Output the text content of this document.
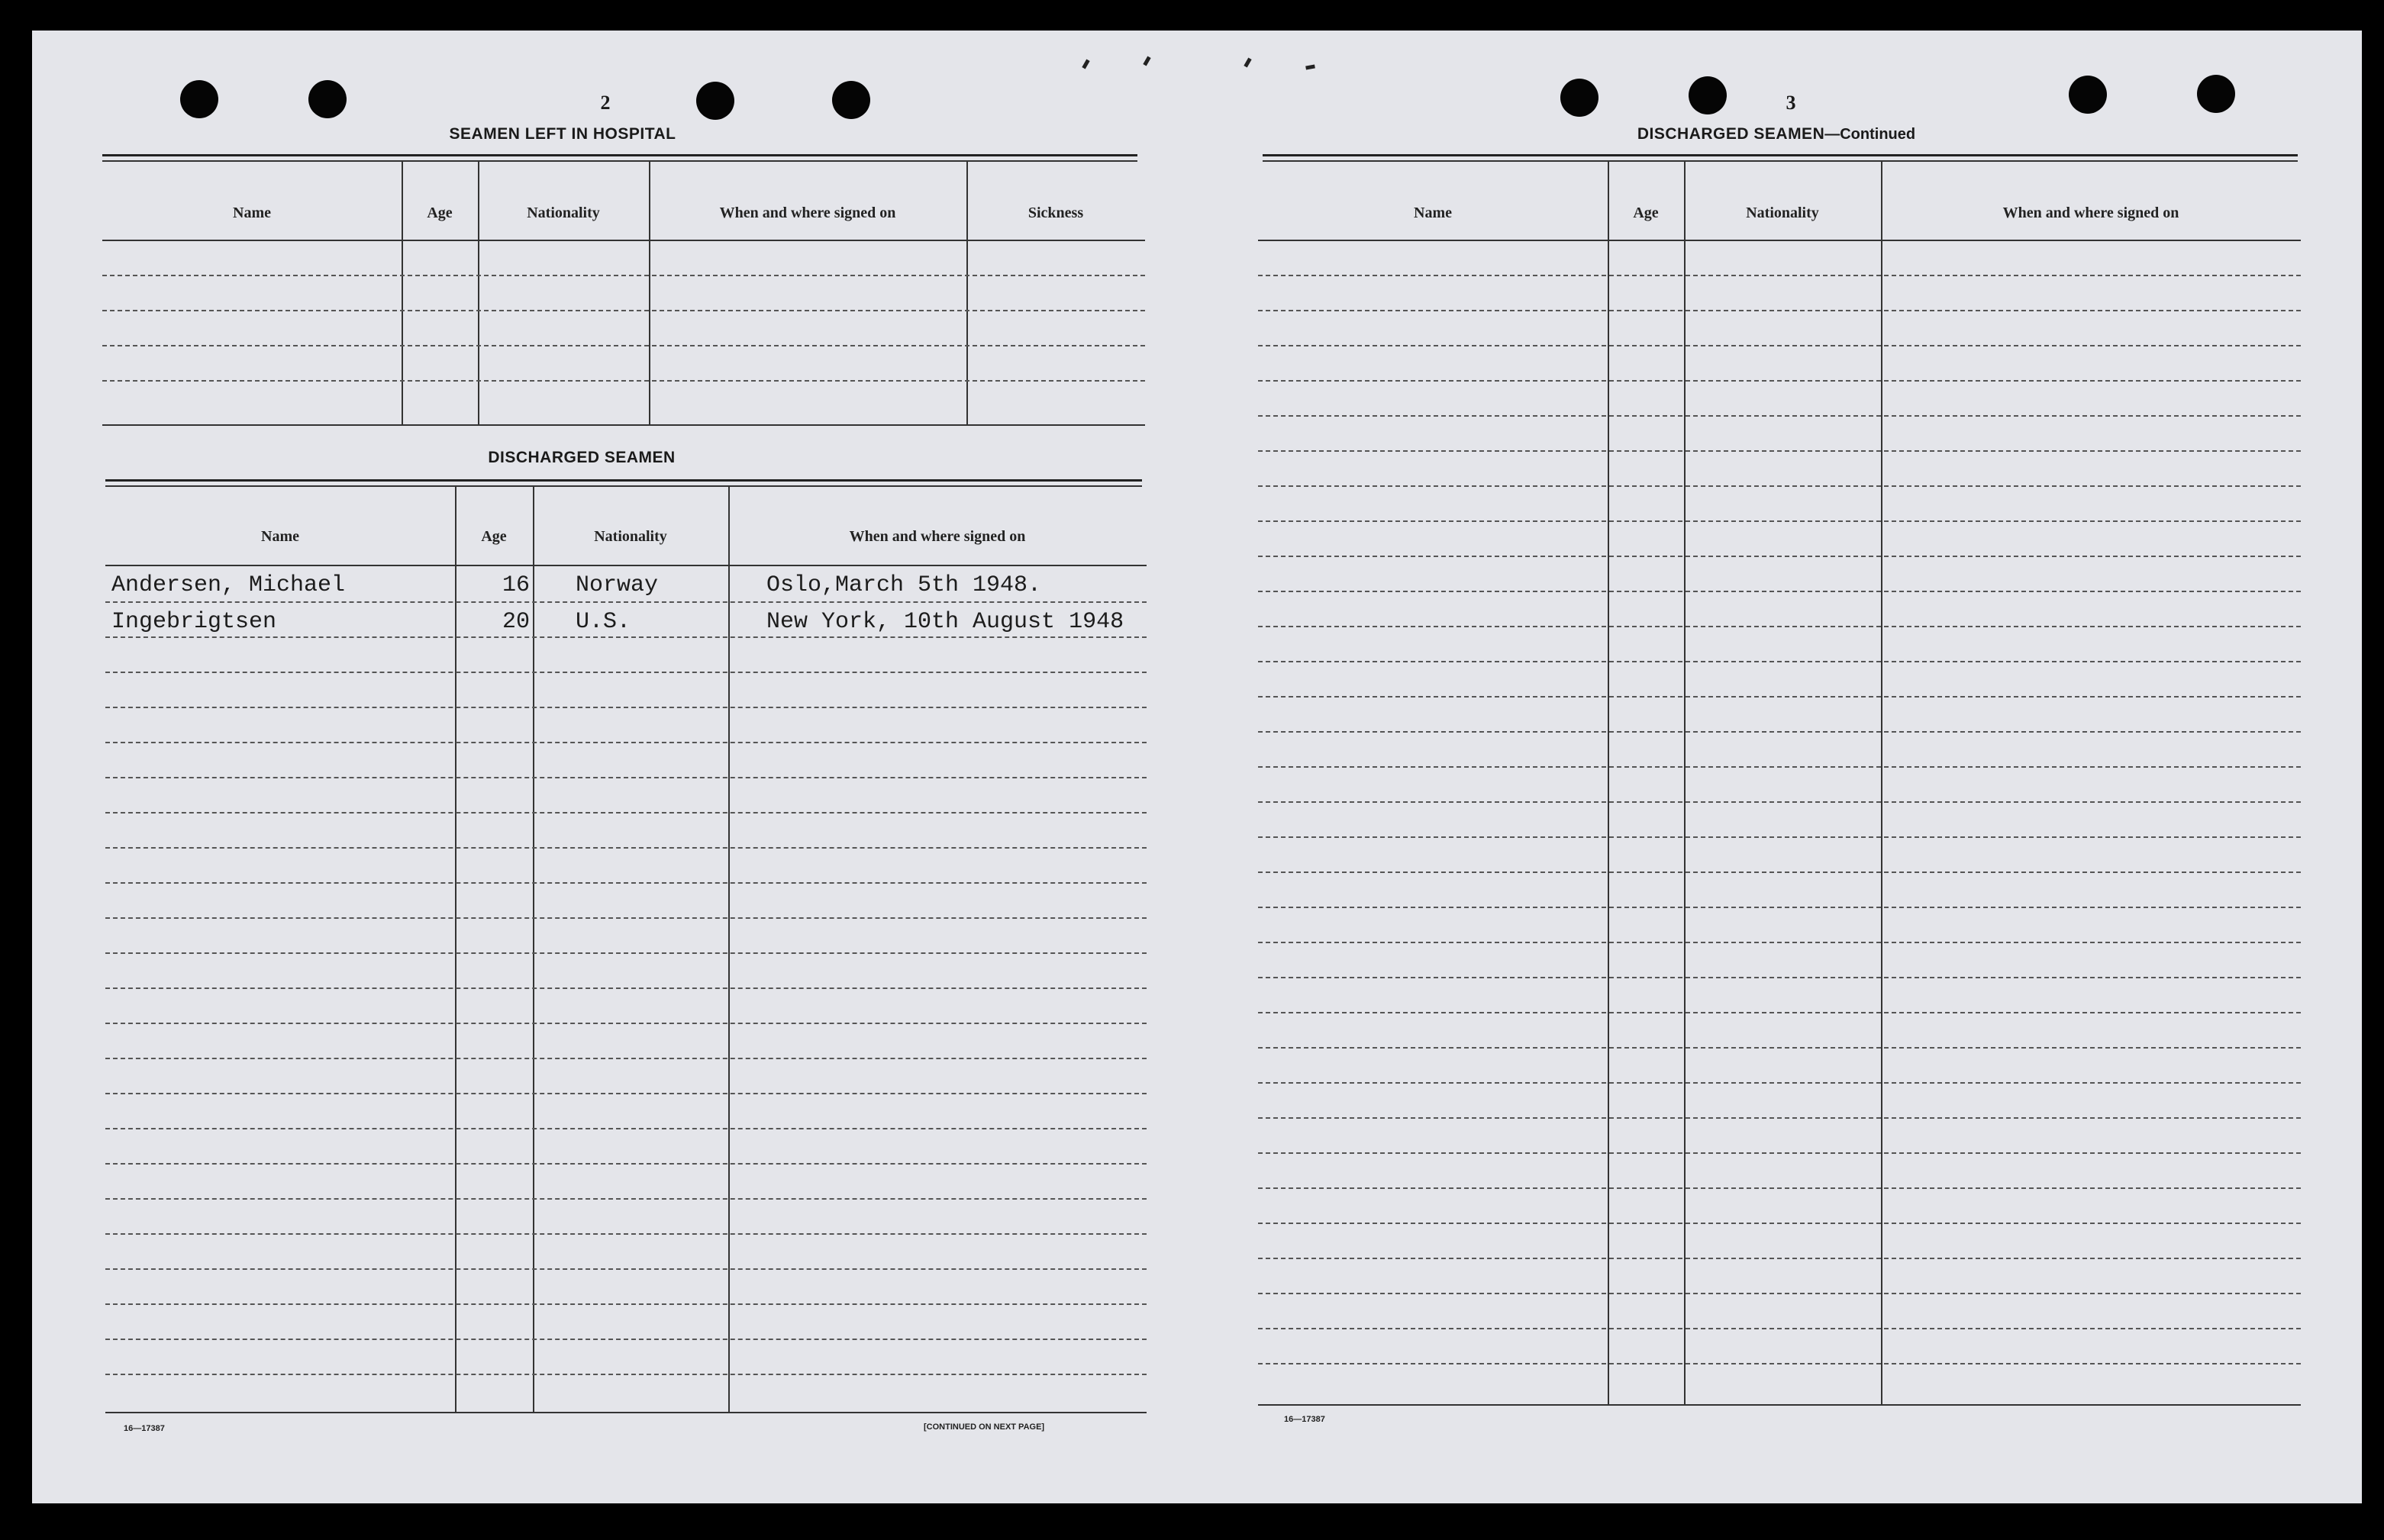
2
SEAMEN LEFT IN HOSPITAL
Name	Age	Nationality	When and where signed on	Sickness
DISCHARGED SEAMEN
Name	Age	Nationality	When and where signed on
Andersen, Michael	16 Norway	Oslo,March 5th 1948.
Ingebrigtsen	20 U.S.	New York, 10th August 1948
16—17387	[CONTINUED ON NEXT PAGE]
3
DISCHARGED SEAMEN—Continued
Name	Age	Nationality	When and where signed on
16—17387
